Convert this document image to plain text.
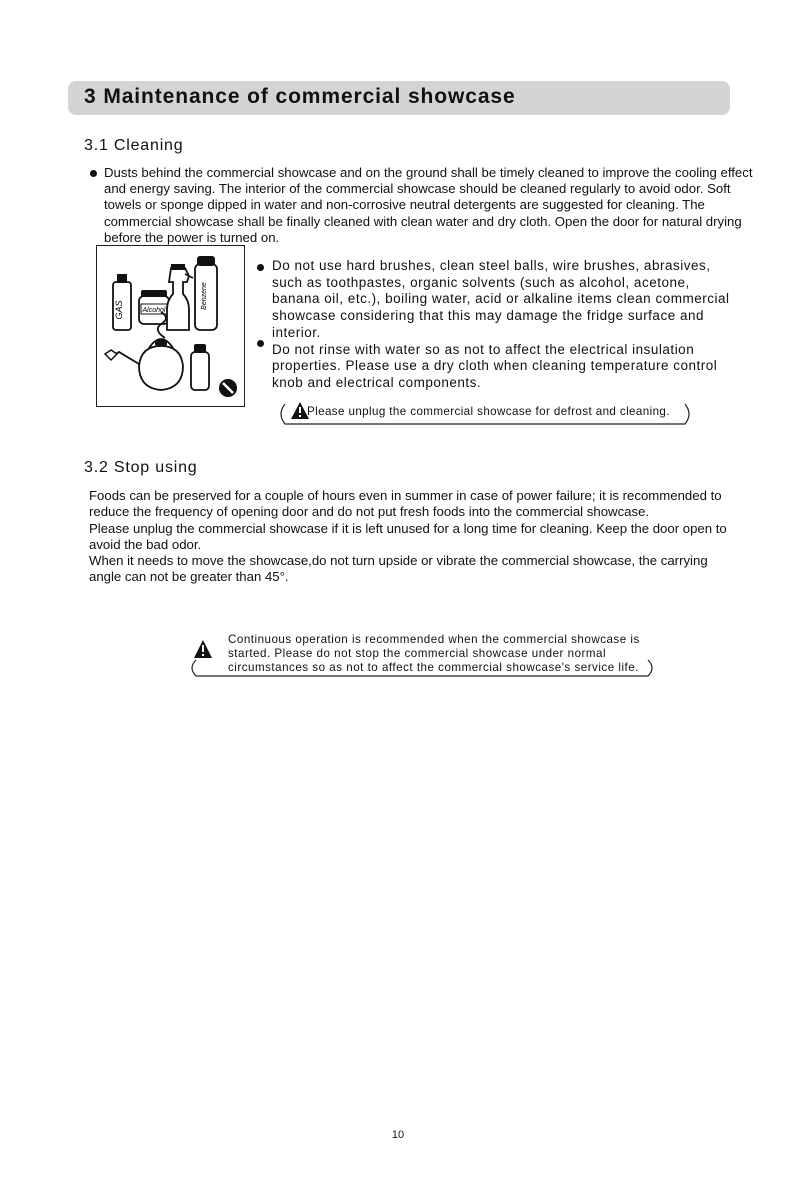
3 Maintenance of commercial showcase
3.1 Cleaning
Dusts behind the commercial showcase and on the ground shall be timely cleaned to improve the cooling effect and energy saving. The interior of the commercial showcase should be cleaned regularly to avoid odor. Soft towels or sponge dipped in water and non-corrosive neutral detergents are suggested for cleaning. The commercial showcase shall be finally cleaned with clean water and dry cloth. Open the door for natural drying before the power is turned on.
GAS	Alcohol
Benzene

Do not use hard brushes, clean steel balls, wire brushes, abrasives, such as toothpastes, organic solvents (such as alcohol, acetone, banana oil, etc.), boiling water, acid or alkaline items clean commercial showcase considering that this may damage the fridge surface and interior.

Do not rinse with water so as not to affect the electrical insulation properties. Please use a dry cloth when cleaning temperature control knob and electrical components.

Please unplug the commercial showcase for defrost and cleaning.
3.2 Stop using

Foods can be preserved for a couple of hours even in summer in case of power failure; it is recommended to reduce the frequency of opening door and do not put fresh foods into the commercial showcase.

Please unplug the commercial showcase if it is left unused for a long time for cleaning. Keep the door open to avoid the bad odor.

When it needs to move the showcase,do not turn upside or vibrate the commercial showcase, the carrying angle can not be greater than 45°.

Continuous operation is recommended when the commercial showcase is started. Please do not stop the commercial showcase under normal circumstances so as not to affect the commercial showcase's service life.

10
